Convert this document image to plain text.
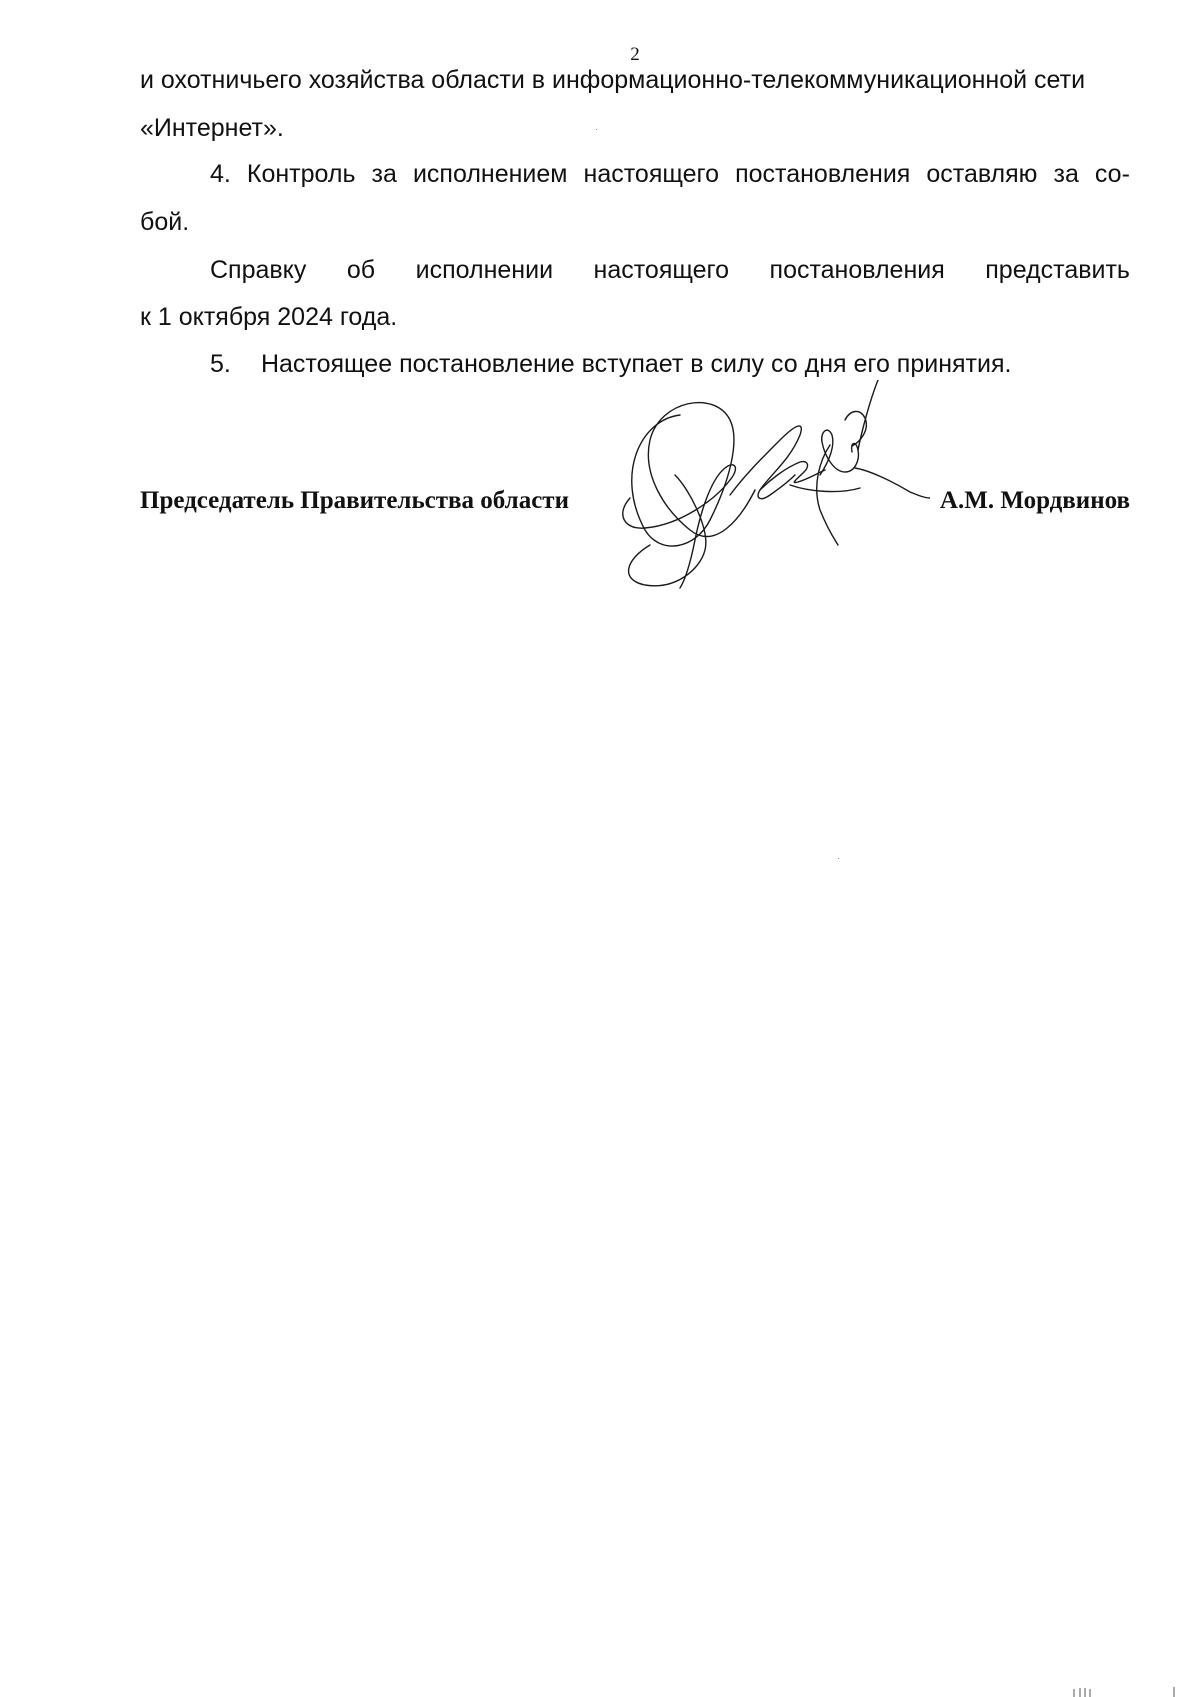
2
и охотничьего хозяйства области в информационно-телекоммуникационной сети
«Интернет».
4. Контроль за исполнением настоящего постановления оставляю за со-
бой.
Справку об исполнении настоящего постановления представить
к 1 октября 2024 года.
5. Настоящее постановление вступает в силу со дня его принятия.
Председатель Правительства области	А.М. Мордвинов
